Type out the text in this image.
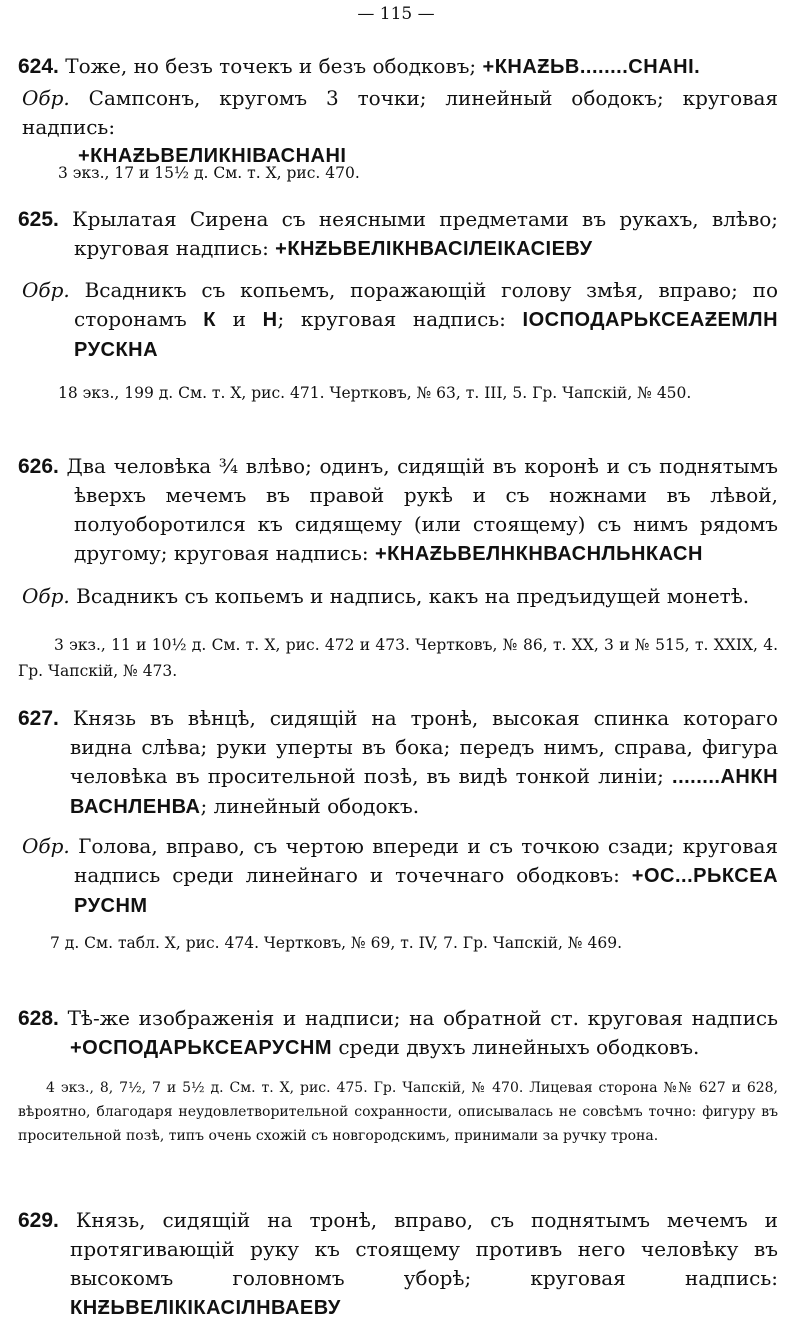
— 115 —
624. Тоже, но безъ точекъ и безъ ободковъ; +КНАƵЬВ........СНАНI.
Обр. Сампсонъ, кругомъ 3 точки; линейный ободокъ; круговая надпись:
+КНАƵЬВЕЛИКНIВАСНАНI
3 экз., 17 и 15½ д. См. т. X, рис. 470.
625. Крылатая Сирена съ неясными предметами въ рукахъ, влѣво; круговая надпись: +КНƵЬВЕЛIКНВАСIЛЕIКАСIЕВУ
Обр. Всадникъ съ копьемъ, поражающій голову змѣя, вправо; по сторонамъ К и Н; круговая надпись: IОСПОДАРЬКСЕАƵЕМЛН РУСКНА
18 экз., 199 д. См. т. X, рис. 471. Чертковъ, № 63, т. III, 5. Гр. Чапскій, № 450.
626. Два человѣка ¾ влѣво; одинъ, сидящій въ коронѣ и съ поднятымъ ѣверхъ мечемъ въ правой рукѣ и съ ножнами въ лѣвой, полуоборотился къ сидящему (или стоящему) съ нимъ рядомъ другому; круговая надпись: +КНАƵЬВЕЛНКНВАСНЛЬНКАСН
Обр. Всадникъ съ копьемъ и надпись, какъ на предъидущей монетѣ.
3 экз., 11 и 10½ д. См. т. X, рис. 472 и 473. Чертковъ, № 86, т. XX, 3 и № 515, т. XXIX, 4. Гр. Чапскій, № 473.
627. Князь въ вѣнцѣ, сидящій на тронѣ, высокая спинка котораго видна слѣва; руки уперты въ бока; передъ нимъ, справа, фигура человѣка въ просительной позѣ, въ видѣ тонкой линіи; ........АНКН ВАСНЛЕНВА; линейный ободокъ.
Обр. Голова, вправо, съ чертою впереди и съ точкою сзади; круговая надпись среди линейнаго и точечнаго ободковъ: +ОС...РЬКСЕА РУСНМ
7 д. См. табл. X, рис. 474. Чертковъ, № 69, т. IV, 7. Гр. Чапскій, № 469.
628. Тѣ-же изображенія и надписи; на обратной ст. круговая надпись +ОСПОДАРЬКСЕАРУСНМ среди двухъ линейныхъ ободковъ.
4 экз., 8, 7½, 7 и 5½ д. См. т. X, рис. 475. Гр. Чапскій, № 470. Лицевая сторона №№ 627 и 628, вѣроятно, благодаря неудовлетворительной сохранности, описывалась не совсѣмъ точно: фигуру въ просительной позѣ, типъ очень схожій съ новгородскимъ, принимали за ручку трона.
629. Князь, сидящій на тронѣ, вправо, съ поднятымъ мечемъ и протягивающій руку къ стоящему противъ него человѣку въ высокомъ головномъ уборѣ; круговая надпись: КНƵЬВЕЛIКIКАСIЛНВАЕВУ
